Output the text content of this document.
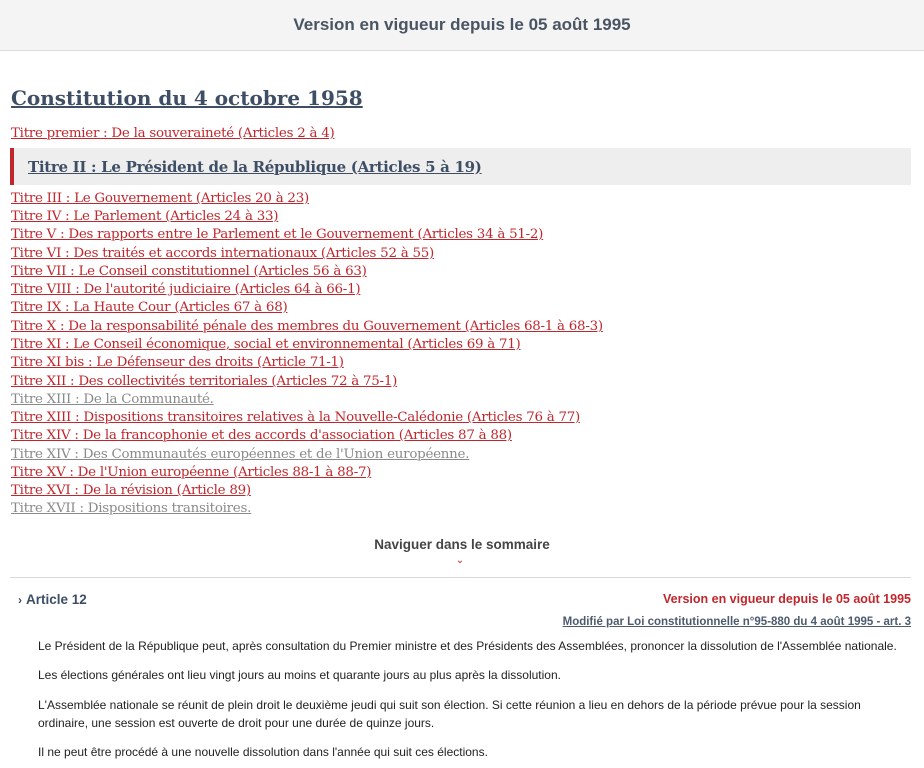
Version en vigueur depuis le 05 août 1995
Constitution du 4 octobre 1958
Titre premier : De la souveraineté (Articles 2 à 4)
Titre II : Le Président de la République (Articles 5 à 19)
Titre III : Le Gouvernement (Articles 20 à 23)
Titre IV : Le Parlement (Articles 24 à 33)
Titre V : Des rapports entre le Parlement et le Gouvernement (Articles 34 à 51-2)
Titre VI : Des traités et accords internationaux (Articles 52 à 55)
Titre VII : Le Conseil constitutionnel (Articles 56 à 63)
Titre VIII : De l'autorité judiciaire (Articles 64 à 66-1)
Titre IX : La Haute Cour (Articles 67 à 68)
Titre X : De la responsabilité pénale des membres du Gouvernement (Articles 68-1 à 68-3)
Titre XI : Le Conseil économique, social et environnemental (Articles 69 à 71)
Titre XI bis : Le Défenseur des droits (Article 71-1)
Titre XII : Des collectivités territoriales (Articles 72 à 75-1)
Titre XIII : De la Communauté.
Titre XIII : Dispositions transitoires relatives à la Nouvelle-Calédonie (Articles 76 à 77)
Titre XIV : De la francophonie et des accords d'association (Articles 87 à 88)
Titre XIV : Des Communautés européennes et de l'Union européenne.
Titre XV : De l'Union européenne (Articles 88-1 à 88-7)
Titre XVI : De la révision (Article 89)
Titre XVII : Dispositions transitoires.
Naviguer dans le sommaire
⌄
› Article 12	Version en vigueur depuis le 05 août 1995
Modifié par Loi constitutionnelle n°95-880 du 4 août 1995 - art. 3

Le Président de la République peut, après consultation du Premier ministre et des Présidents des Assemblées, prononcer la dissolution de l'Assemblée nationale.

Les élections générales ont lieu vingt jours au moins et quarante jours au plus après la dissolution.

L'Assemblée nationale se réunit de plein droit le deuxième jeudi qui suit son élection. Si cette réunion a lieu en dehors de la période prévue pour la session ordinaire, une session est ouverte de droit pour une durée de quinze jours.

Il ne peut être procédé à une nouvelle dissolution dans l'année qui suit ces élections.
